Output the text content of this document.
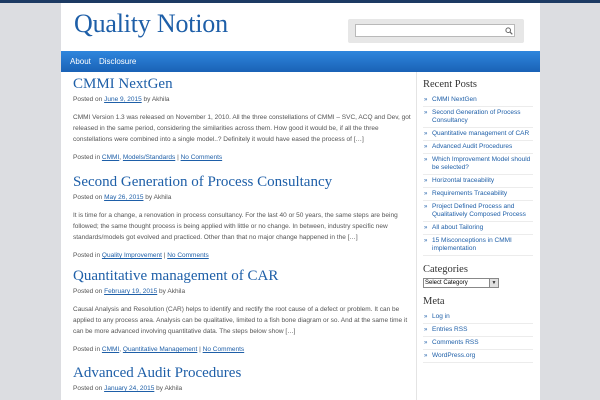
Quality Notion
About Disclosure
CMMI NextGen
Posted on June 9, 2015 by Akhila
CMMI Version 1.3 was released on November 1, 2010. All the three constellations of CMMI – SVC, ACQ and Dev, got released in the same period, considering the similarities across them. How good it would be, if all the three constellations were combined into a single model..? Definitely it would have eased the process of […]
Posted in CMMI, Models/Standards | No Comments
Second Generation of Process Consultancy
Posted on May 26, 2015 by Akhila
It is time for a change, a renovation in process consultancy. For the last 40 or 50 years, the same steps are being followed; the same thought process is being applied with little or no change. In between, industry specific new standards/models got evolved and practiced. Other than that no major change happened in the […]
Posted in Quality Improvement | No Comments
Quantitative management of CAR
Posted on February 19, 2015 by Akhila
Causal Analysis and Resolution (CAR) helps to identify and rectify the root cause of a defect or problem. It can be applied to any process area. Analysis can be qualitative, limited to a fish bone diagram or so. And at the same time it can be more advanced involving quantitative data. The steps below show […]
Posted in CMMI, Quantitative Management | No Comments
Advanced Audit Procedures
Posted on January 24, 2015 by Akhila
Recent Posts
» CMMI NextGen
» Second Generation of Process Consultancy
» Quantitative management of CAR
» Advanced Audit Procedures
» Which Improvement Model should be selected?
» Horizontal traceability
» Requirements Traceability
» Project Defined Process and Qualitatively Composed Process
» All about Tailoring
» 15 Misconceptions in CMMI implementation
Categories
Select Category	▼
Meta
» Log in
» Entries RSS
» Comments RSS
» WordPress.org
